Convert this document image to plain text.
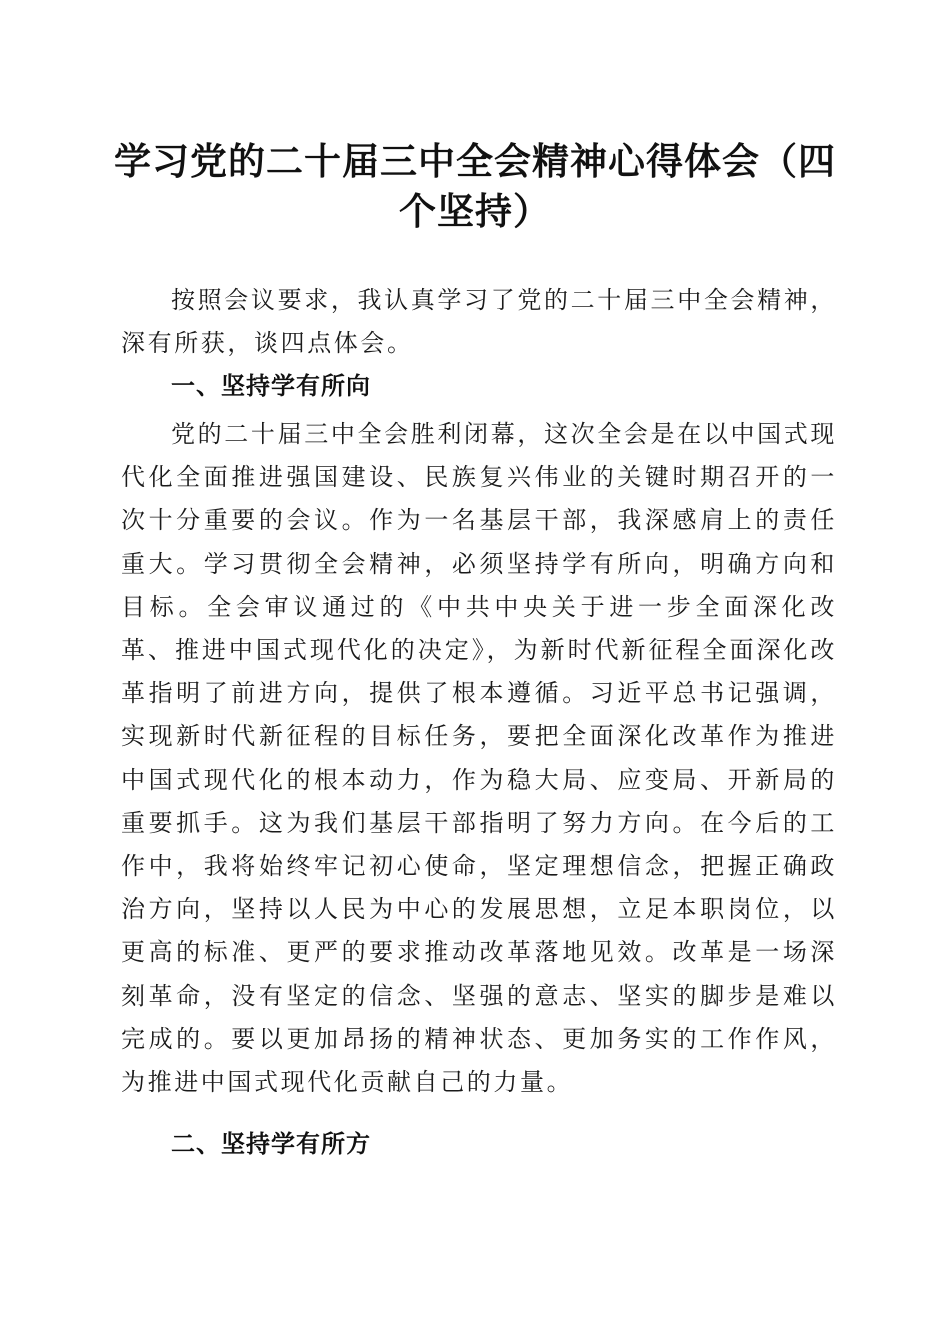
学习党的二十届三中全会精神心得体会（四个坚持）
按照会议要求，我认真学习了党的二十届三中全会精神，深有所获，谈四点体会。
一、坚持学有所向
党的二十届三中全会胜利闭幕，这次全会是在以中国式现代化全面推进强国建设、民族复兴伟业的关键时期召开的一次十分重要的会议。作为一名基层干部，我深感肩上的责任重大。学习贯彻全会精神，必须坚持学有所向，明确方向和目标。全会审议通过的《中共中央关于进一步全面深化改革、推进中国式现代化的决定》，为新时代新征程全面深化改革指明了前进方向，提供了根本遵循。习近平总书记强调，实现新时代新征程的目标任务，要把全面深化改革作为推进中国式现代化的根本动力，作为稳大局、应变局、开新局的重要抓手。这为我们基层干部指明了努力方向。在今后的工作中，我将始终牢记初心使命，坚定理想信念，把握正确政治方向，坚持以人民为中心的发展思想，立足本职岗位，以更高的标准、更严的要求推动改革落地见效。改革是一场深刻革命，没有坚定的信念、坚强的意志、坚实的脚步是难以完成的。要以更加昂扬的精神状态、更加务实的工作作风，为推进中国式现代化贡献自己的力量。
二、坚持学有所方
